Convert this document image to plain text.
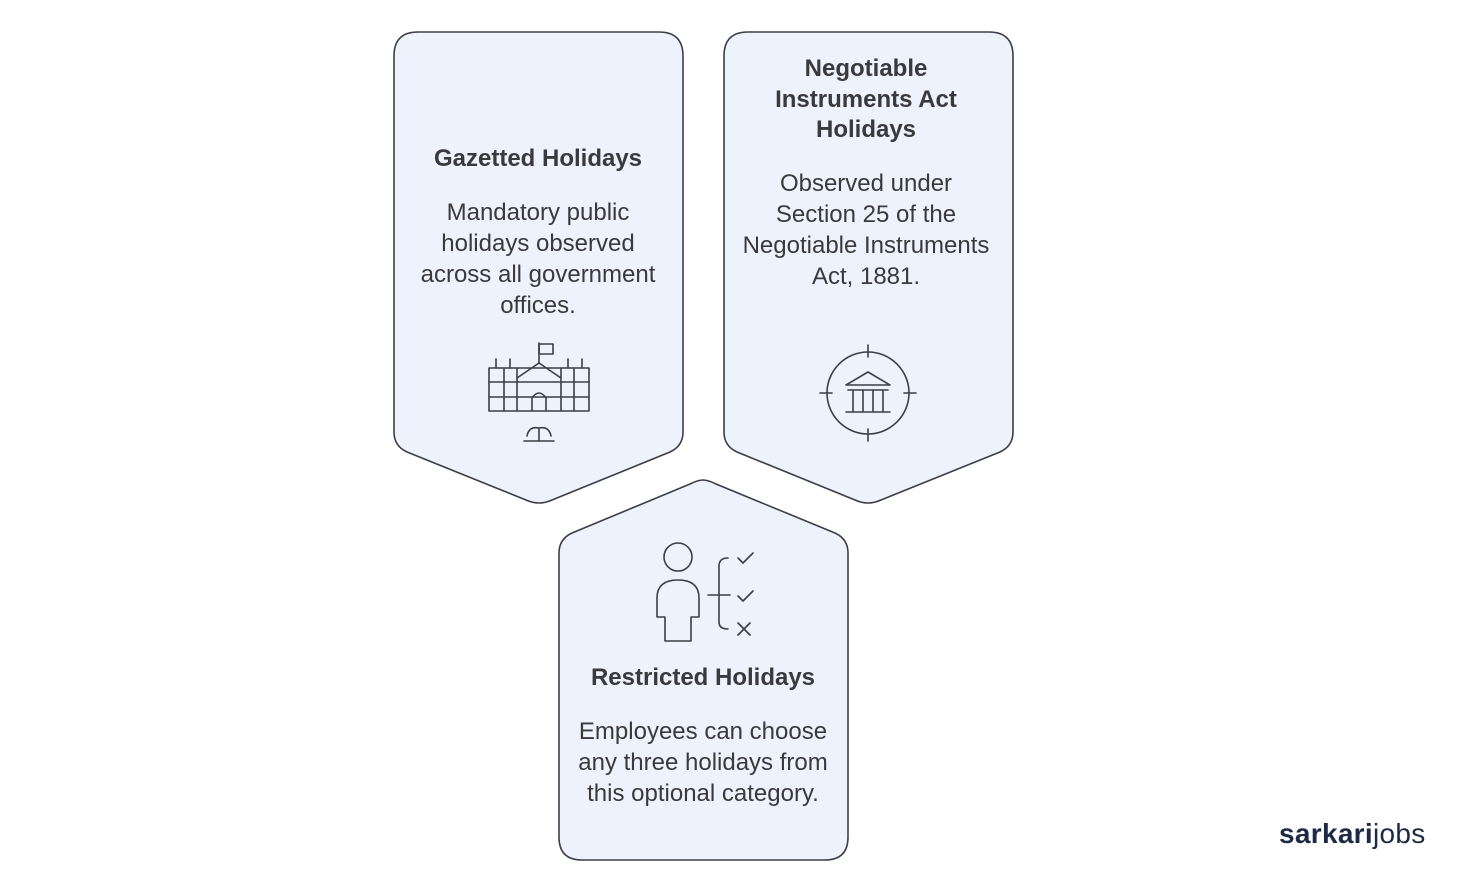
Gazetted Holidays

Mandatory public holidays observed across all government offices.

Negotiable Instruments Act Holidays

Observed under Section 25 of the Negotiable Instruments Act, 1881.

Restricted Holidays

Employees can choose any three holidays from this optional category.

sarkarijobs
